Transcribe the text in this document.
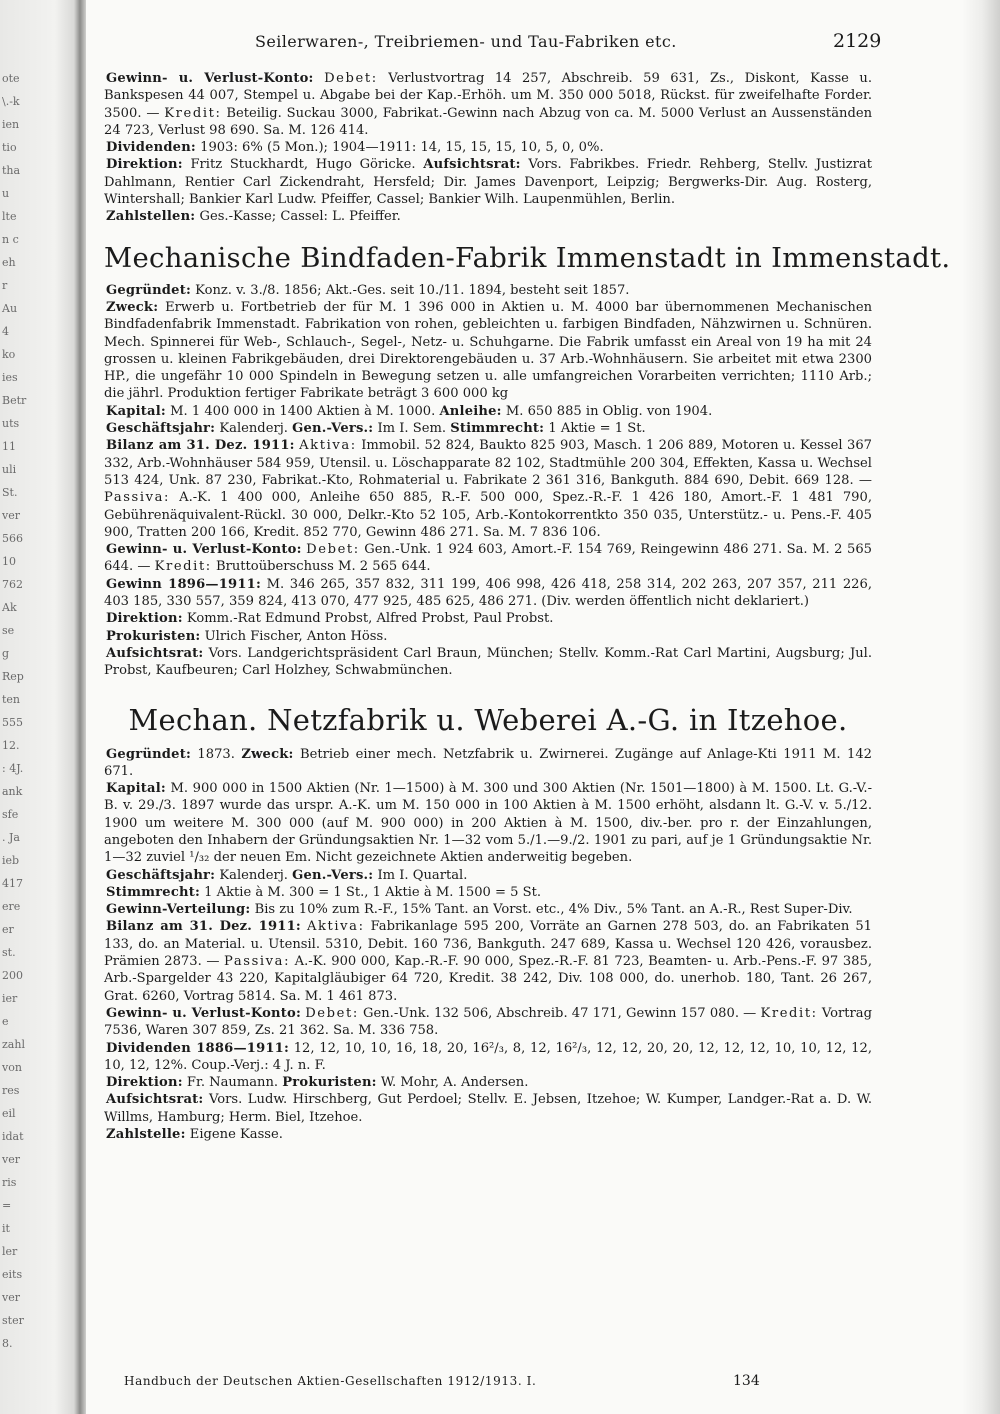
ote
\.-k
ien
tio
tha
u
lte
n c
eh
r
Au
4
ko
ies
Betr
uts
11
uli
St.
ver
566
10
762
Ak
se
g
Rep
ten
555
12.
: 4J.
ank
sfe
. Ja
ieb
417
ere
er
st.
200
ier
e
zahl
von
res
eil
idat
ver
ris
=
it
ler
eits
ver
ster
8.
Seilerwaren-, Treibriemen- und Tau-Fabriken etc.	2129

Gewinn- u. Verlust-Konto: Debet: Verlustvortrag 14 257, Abschreib. 59 631, Zs., Diskont, Kasse u. Bankspesen 44 007, Stempel u. Abgabe bei der Kap.-Erhöh. um M. 350 000 5018, Rückst. für zweifelhafte Forder. 3500. — Kredit: Beteilig. Suckau 3000, Fabrikat.-Gewinn nach Abzug von ca. M. 5000 Verlust an Aussenständen 24 723, Verlust 98 690. Sa. M. 126 414.

Dividenden: 1903: 6% (5 Mon.); 1904—1911: 14, 15, 15, 15, 10, 5, 0, 0%.

Direktion: Fritz Stuckhardt, Hugo Göricke. Aufsichtsrat: Vors. Fabrikbes. Friedr. Rehberg, Stellv. Justizrat Dahlmann, Rentier Carl Zickendraht, Hersfeld; Dir. James Davenport, Leipzig; Bergwerks-Dir. Aug. Rosterg, Wintershall; Bankier Karl Ludw. Pfeiffer, Cassel; Bankier Wilh. Laupenmühlen, Berlin.

Zahlstellen: Ges.-Kasse; Cassel: L. Pfeiffer.

Mechanische Bindfaden-Fabrik Immenstadt in Immenstadt.

Gegründet: Konz. v. 3./8. 1856; Akt.-Ges. seit 10./11. 1894, besteht seit 1857.

Zweck: Erwerb u. Fortbetrieb der für M. 1 396 000 in Aktien u. M. 4000 bar übernommenen Mechanischen Bindfadenfabrik Immenstadt. Fabrikation von rohen, gebleichten u. farbigen Bindfaden, Nähzwirnen u. Schnüren. Mech. Spinnerei für Web-, Schlauch-, Segel-, Netz- u. Schuhgarne. Die Fabrik umfasst ein Areal von 19 ha mit 24 grossen u. kleinen Fabrikgebäuden, drei Direktorengebäuden u. 37 Arb.-Wohnhäusern. Sie arbeitet mit etwa 2300 HP., die ungefähr 10 000 Spindeln in Bewegung setzen u. alle umfangreichen Vorarbeiten verrichten; 1110 Arb.; die jährl. Produktion fertiger Fabrikate beträgt 3 600 000 kg

Kapital: M. 1 400 000 in 1400 Aktien à M. 1000. Anleihe: M. 650 885 in Oblig. von 1904.

Geschäftsjahr: Kalenderj. Gen.-Vers.: Im I. Sem. Stimmrecht: 1 Aktie = 1 St.

Bilanz am 31. Dez. 1911: Aktiva: Immobil. 52 824, Baukto 825 903, Masch. 1 206 889, Motoren u. Kessel 367 332, Arb.-Wohnhäuser 584 959, Utensil. u. Löschapparate 82 102, Stadtmühle 200 304, Effekten, Kassa u. Wechsel 513 424, Unk. 87 230, Fabrikat.-Kto, Rohmaterial u. Fabrikate 2 361 316, Bankguth. 884 690, Debit. 669 128. — Passiva: A.-K. 1 400 000, Anleihe 650 885, R.-F. 500 000, Spez.-R.-F. 1 426 180, Amort.-F. 1 481 790, Gebührenäquivalent-Rückl. 30 000, Delkr.-Kto 52 105, Arb.-Kontokorrentkto 350 035, Unterstütz.- u. Pens.-F. 405 900, Tratten 200 166, Kredit. 852 770, Gewinn 486 271. Sa. M. 7 836 106.

Gewinn- u. Verlust-Konto: Debet: Gen.-Unk. 1 924 603, Amort.-F. 154 769, Reingewinn 486 271. Sa. M. 2 565 644. — Kredit: Bruttoüberschuss M. 2 565 644.

Gewinn 1896—1911: M. 346 265, 357 832, 311 199, 406 998, 426 418, 258 314, 202 263, 207 357, 211 226, 403 185, 330 557, 359 824, 413 070, 477 925, 485 625, 486 271. (Div. werden öffentlich nicht deklariert.)

Direktion: Komm.-Rat Edmund Probst, Alfred Probst, Paul Probst.

Prokuristen: Ulrich Fischer, Anton Höss.

Aufsichtsrat: Vors. Landgerichtspräsident Carl Braun, München; Stellv. Komm.-Rat Carl Martini, Augsburg; Jul. Probst, Kaufbeuren; Carl Holzhey, Schwabmünchen.

Mechan. Netzfabrik u. Weberei A.-G. in Itzehoe.

Gegründet: 1873. Zweck: Betrieb einer mech. Netzfabrik u. Zwirnerei. Zugänge auf Anlage-Kti 1911 M. 142 671.

Kapital: M. 900 000 in 1500 Aktien (Nr. 1—1500) à M. 300 und 300 Aktien (Nr. 1501—1800) à M. 1500. Lt. G.-V.-B. v. 29./3. 1897 wurde das urspr. A.-K. um M. 150 000 in 100 Aktien à M. 1500 erhöht, alsdann lt. G.-V. v. 5./12. 1900 um weitere M. 300 000 (auf M. 900 000) in 200 Aktien à M. 1500, div.-ber. pro r. der Einzahlungen, angeboten den Inhabern der Gründungsaktien Nr. 1—32 vom 5./1.—9./2. 1901 zu pari, auf je 1 Gründungsaktie Nr. 1—32 zuviel ¹/₃₂ der neuen Em. Nicht gezeichnete Aktien anderweitig begeben.

Geschäftsjahr: Kalenderj. Gen.-Vers.: Im I. Quartal.

Stimmrecht: 1 Aktie à M. 300 = 1 St., 1 Aktie à M. 1500 = 5 St.

Gewinn-Verteilung: Bis zu 10% zum R.-F., 15% Tant. an Vorst. etc., 4% Div., 5% Tant. an A.-R., Rest Super-Div.

Bilanz am 31. Dez. 1911: Aktiva: Fabrikanlage 595 200, Vorräte an Garnen 278 503, do. an Fabrikaten 51 133, do. an Material. u. Utensil. 5310, Debit. 160 736, Bankguth. 247 689, Kassa u. Wechsel 120 426, vorausbez. Prämien 2873. — Passiva: A.-K. 900 000, Kap.-R.-F. 90 000, Spez.-R.-F. 81 723, Beamten- u. Arb.-Pens.-F. 97 385, Arb.-Spargelder 43 220, Kapitalgläubiger 64 720, Kredit. 38 242, Div. 108 000, do. unerhob. 180, Tant. 26 267, Grat. 6260, Vortrag 5814. Sa. M. 1 461 873.

Gewinn- u. Verlust-Konto: Debet: Gen.-Unk. 132 506, Abschreib. 47 171, Gewinn 157 080. — Kredit: Vortrag 7536, Waren 307 859, Zs. 21 362. Sa. M. 336 758.

Dividenden 1886—1911: 12, 12, 10, 10, 16, 18, 20, 16²/₃, 8, 12, 16²/₃, 12, 12, 20, 20, 12, 12, 12, 10, 10, 12, 12, 10, 12, 12%. Coup.-Verj.: 4 J. n. F.

Direktion: Fr. Naumann. Prokuristen: W. Mohr, A. Andersen.

Aufsichtsrat: Vors. Ludw. Hirschberg, Gut Perdoel; Stellv. E. Jebsen, Itzehoe; W. Kumper, Landger.-Rat a. D. W. Willms, Hamburg; Herm. Biel, Itzehoe.

Zahlstelle: Eigene Kasse.

Handbuch der Deutschen Aktien-Gesellschaften 1912/1913. I.	134
